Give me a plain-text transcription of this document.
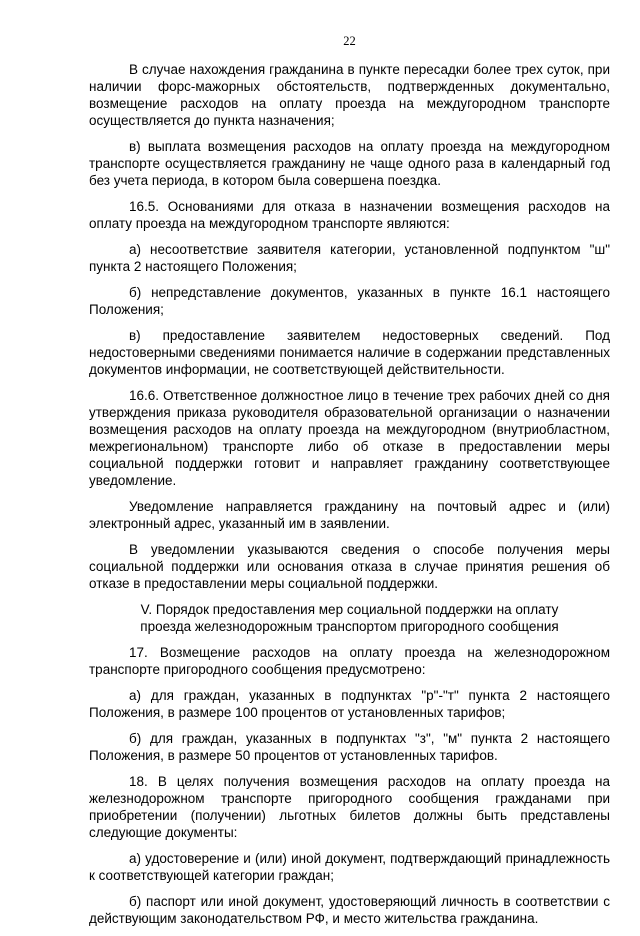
22

В случае нахождения гражданина в пункте пересадки более трех суток, при наличии форс-мажорных обстоятельств, подтвержденных документально, возмещение расходов на оплату проезда на междугородном транспорте осуществляется до пункта назначения;

в) выплата возмещения расходов на оплату проезда на междугородном транспорте осуществляется гражданину не чаще одного раза в календарный год без учета периода, в котором была совершена поездка.

16.5. Основаниями для отказа в назначении возмещения расходов на оплату проезда на междугородном транспорте являются:

а) несоответствие заявителя категории, установленной подпунктом "ш" пункта 2 настоящего Положения;

б) непредставление документов, указанных в пункте 16.1 настоящего Положения;

в) предоставление заявителем недостоверных сведений. Под недостоверными сведениями понимается наличие в содержании представленных документов информации, не соответствующей действительности.

16.6. Ответственное должностное лицо в течение трех рабочих дней со дня утверждения приказа руководителя образовательной организации о назначении возмещения расходов на оплату проезда на междугородном (внутриобластном, межрегиональном) транспорте либо об отказе в предоставлении меры социальной поддержки готовит и направляет гражданину соответствующее уведомление.

Уведомление направляется гражданину на почтовый адрес и (или) электронный адрес, указанный им в заявлении.

В уведомлении указываются сведения о способе получения меры социальной поддержки или основания отказа в случае принятия решения об отказе в предоставлении меры социальной поддержки.

V. Порядок предоставления мер социальной поддержки на оплату проезда железнодорожным транспортом пригородного сообщения

17. Возмещение расходов на оплату проезда на железнодорожном транспорте пригородного сообщения предусмотрено:

а) для граждан, указанных в подпунктах "р"-"т" пункта 2 настоящего Положения, в размере 100 процентов от установленных тарифов;

б) для граждан, указанных в подпунктах "з", "м" пункта 2 настоящего Положения, в размере 50 процентов от установленных тарифов.

18. В целях получения возмещения расходов на оплату проезда на железнодорожном транспорте пригородного сообщения гражданами при приобретении (получении) льготных билетов должны быть представлены следующие документы:

а) удостоверение и (или) иной документ, подтверждающий принадлежность к соответствующей категории граждан;

б) паспорт или иной документ, удостоверяющий личность в соответствии с действующим законодательством РФ, и место жительства гражданина.
